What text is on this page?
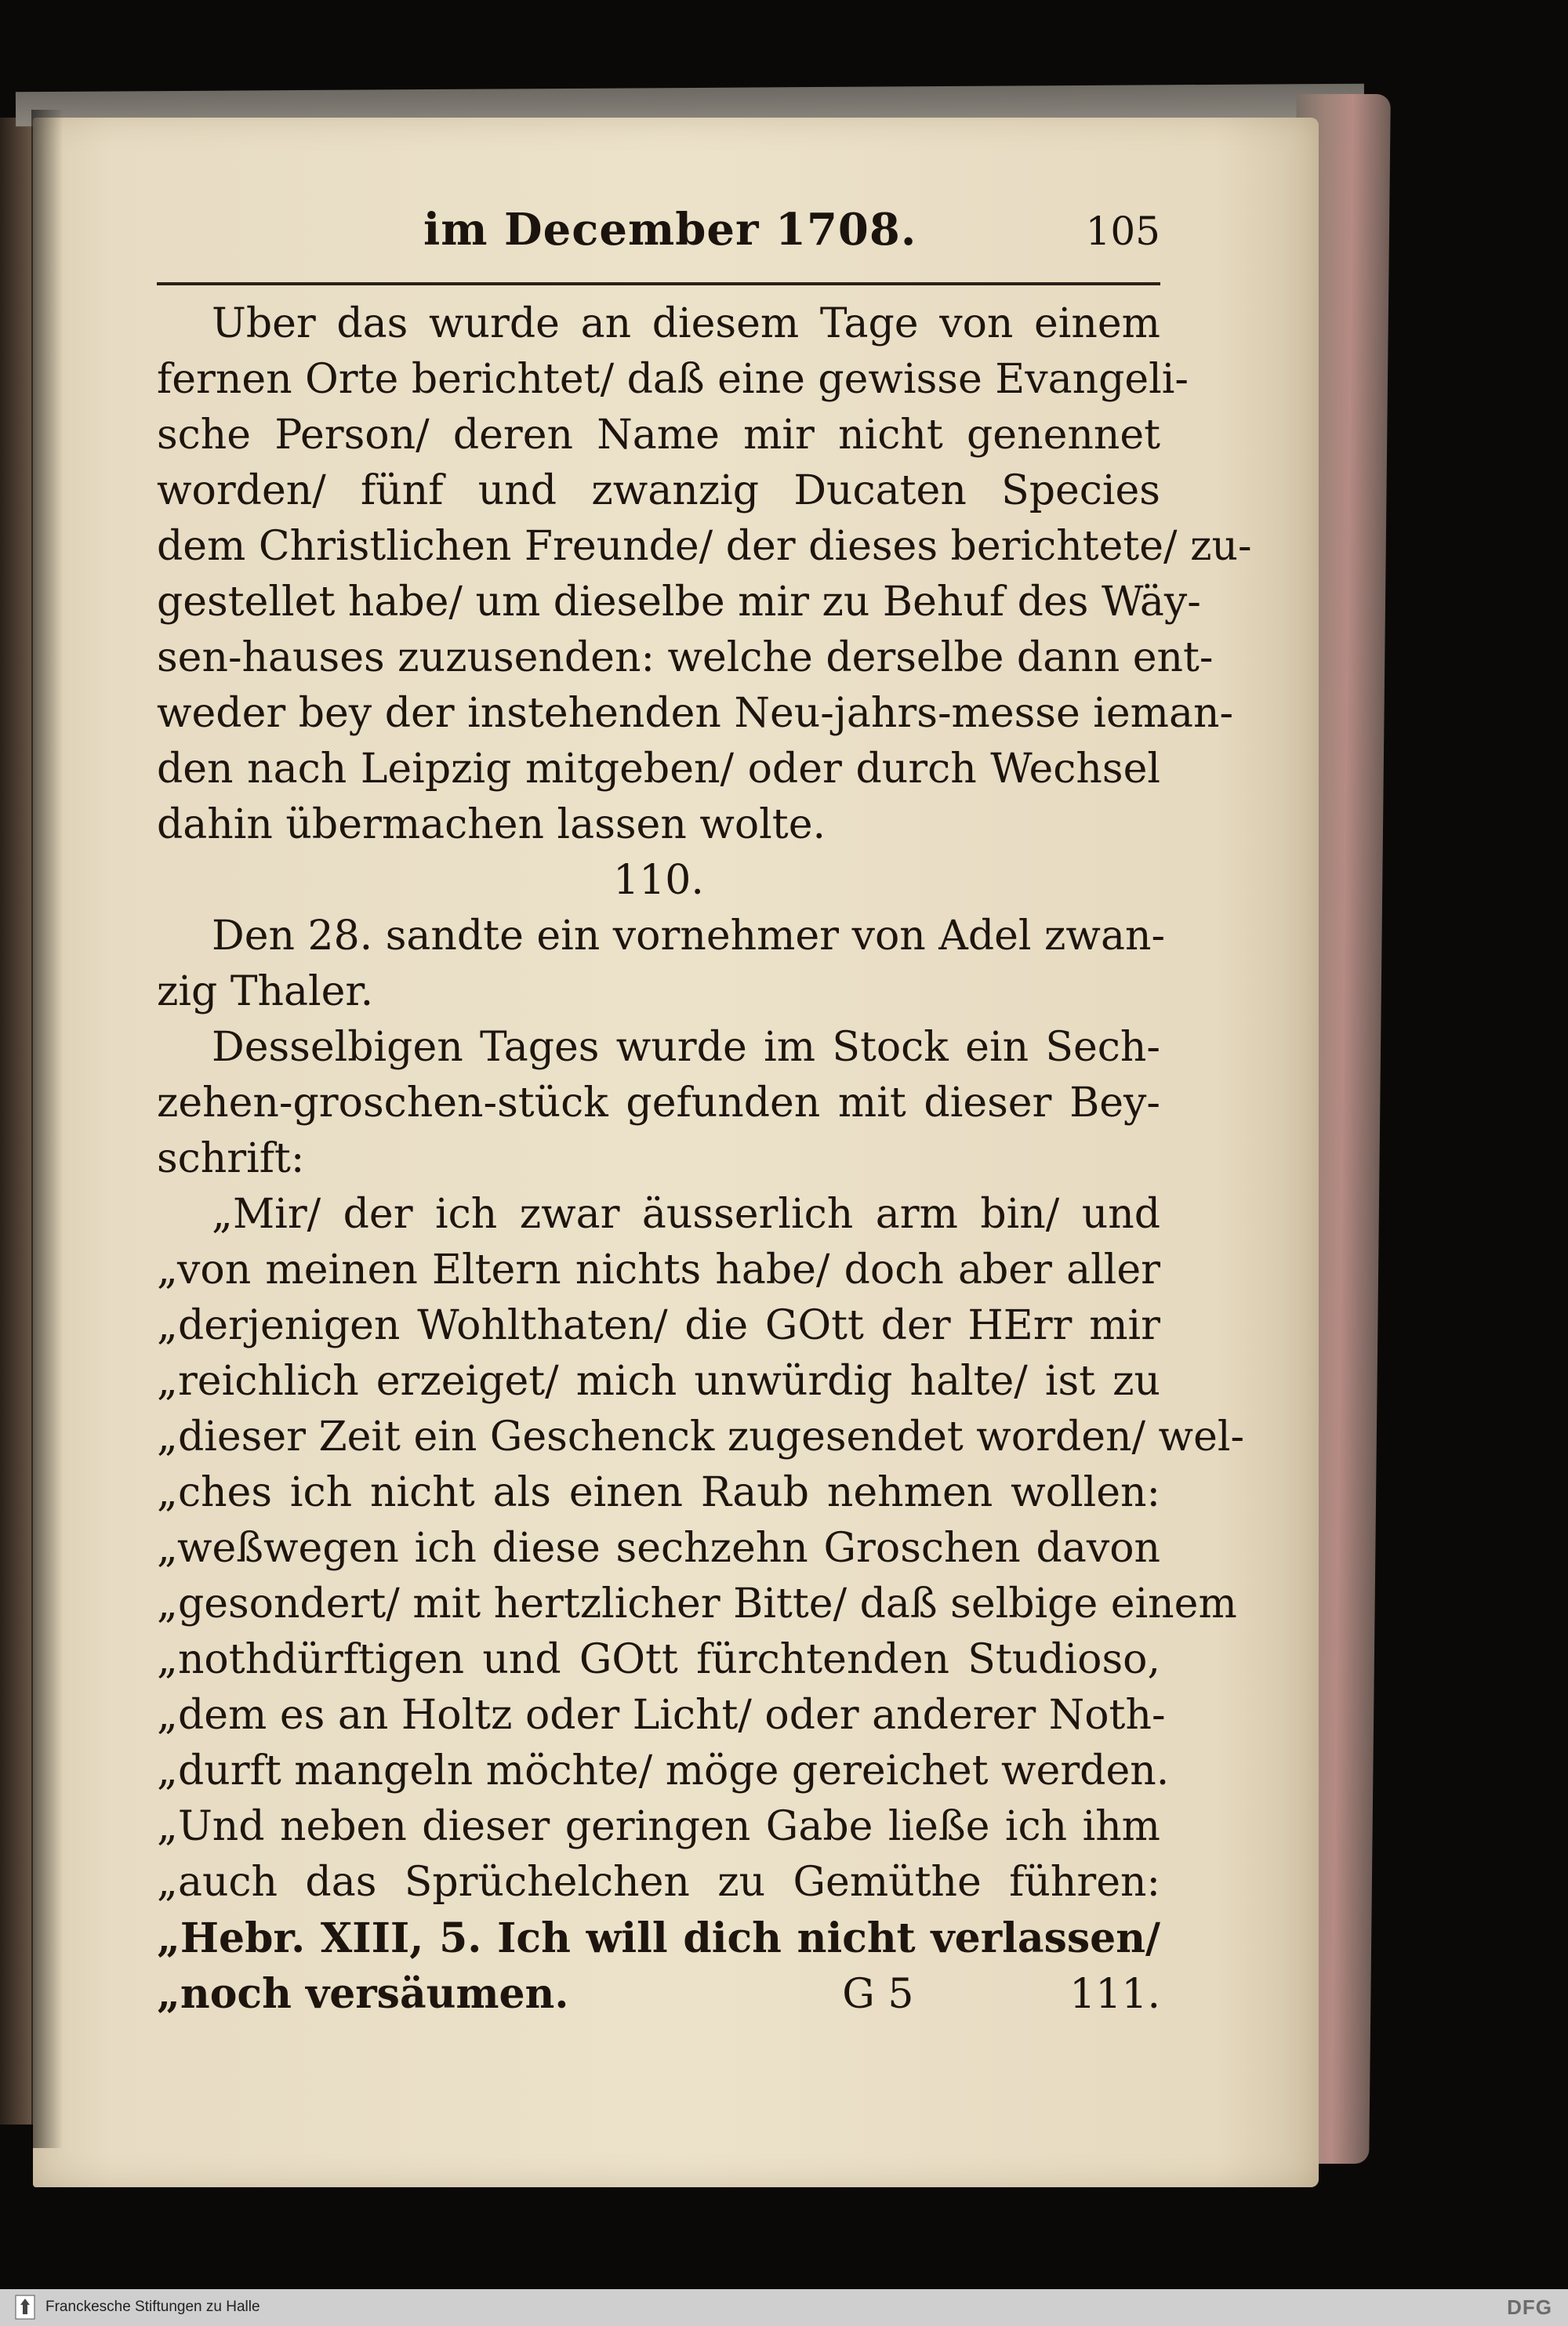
im December 1708.	105
Uber das wurde an diesem Tage von einem
fernen Orte berichtet/ daß eine gewisse Evangeli-
sche Person/ deren Name mir nicht genennet
worden/ fünf und zwanzig Ducaten Species
dem Christlichen Freunde/ der dieses berichtete/ zu-
gestellet habe/ um dieselbe mir zu Behuf des Wäy-
sen-hauses zuzusenden: welche derselbe dann ent-
weder bey der instehenden Neu-jahrs-messe ieman-
den nach Leipzig mitgeben/ oder durch Wechsel
dahin übermachen lassen wolte.
110.
Den 28. sandte ein vornehmer von Adel zwan-
zig Thaler.
Desselbigen Tages wurde im Stock ein Sech-
zehen-groschen-stück gefunden mit dieser Bey-
schrift:
„Mir/ der ich zwar äusserlich arm bin/ und
„von meinen Eltern nichts habe/ doch aber aller
„derjenigen Wohlthaten/ die GOtt der HErr mir
„reichlich erzeiget/ mich unwürdig halte/ ist zu
„dieser Zeit ein Geschenck zugesendet worden/ wel-
„ches ich nicht als einen Raub nehmen wollen:
„weßwegen ich diese sechzehn Groschen davon
„gesondert/ mit hertzlicher Bitte/ daß selbige einem
„nothdürftigen und GOtt fürchtenden Studioso,
„dem es an Holtz oder Licht/ oder anderer Noth-
„durft mangeln möchte/ möge gereichet werden.
„Und neben dieser geringen Gabe ließe ich ihm
„auch das Sprüchelchen zu Gemüthe führen:
„Hebr. XIII, 5. Ich will dich nicht verlassen/
„noch versäumen.	G 5	111.
Franckesche Stiftungen zu Halle	DFG
